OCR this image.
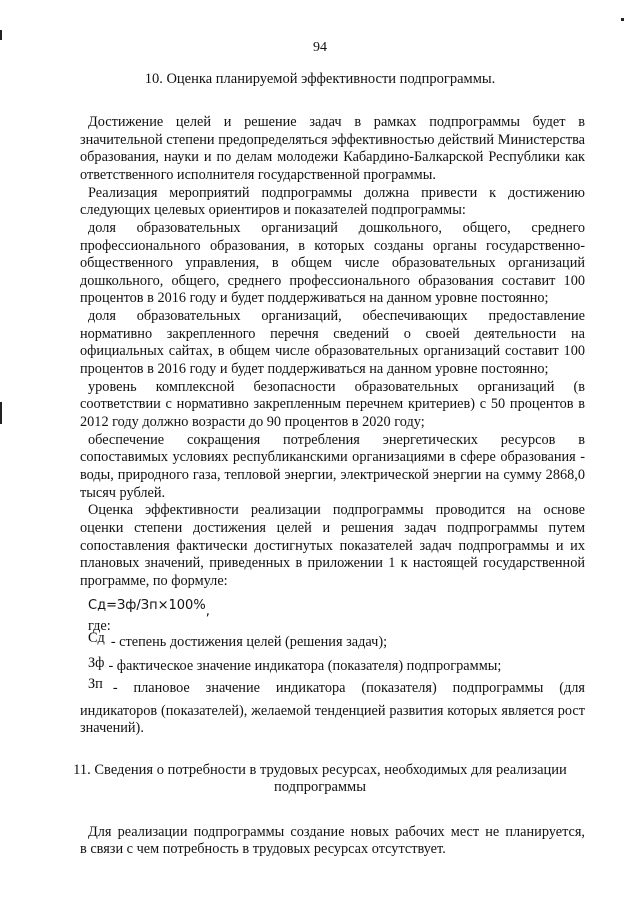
94
10. Оценка планируемой эффективности подпрограммы.
Достижение целей и решение задач в рамках подпрограммы будет в
значительной степени предопределяться эффективностью действий Министерства
образования, науки и по делам молодежи Кабардино-Балкарской Республики как
ответственного исполнителя государственной программы.
Реализация мероприятий подпрограммы должна привести к достижению
следующих целевых ориентиров и показателей подпрограммы:
доля образовательных организаций дошкольного, общего, среднего
профессионального образования, в которых созданы органы государственно-
общественного управления, в общем числе образовательных организаций
дошкольного, общего, среднего профессионального образования составит 100
процентов в 2016 году и будет поддерживаться на данном уровне постоянно;
доля образовательных организаций, обеспечивающих предоставление
нормативно закрепленного перечня сведений о своей деятельности на
официальных сайтах, в общем числе образовательных организаций составит 100
процентов в 2016 году и будет поддерживаться на данном уровне постоянно;
уровень комплексной безопасности образовательных организаций (в
соответствии с нормативно закрепленным перечнем критериев) с 50 процентов в
2012 году должно возрасти до 90 процентов в 2020 году;
обеспечение сокращения потребления энергетических ресурсов в
сопоставимых условиях республиканскими организациями в сфере образования -
воды, природного газа, тепловой энергии, электрической энергии на сумму 2868,0
тысяч рублей.
Оценка эффективности реализации подпрограммы проводится на основе
оценки степени достижения целей и решения задач подпрограммы путем
сопоставления фактически достигнутых показателей задач подпрограммы и их
плановых значений, приведенных в приложении 1 к настоящей государственной
программе, по формуле:
Сд=Зф/Зп×100%,
где:
Сд - степень достижения целей (решения задач);
Зф - фактическое значение индикатора (показателя) подпрограммы;
Зп - плановое значение индикатора (показателя) подпрограммы (для
индикаторов (показателей), желаемой тенденцией развития которых является рост
значений).
11. Сведения о потребности в трудовых ресурсах, необходимых для реализации
подпрограммы
Для реализации подпрограммы создание новых рабочих мест не планируется,
в связи с чем потребность в трудовых ресурсах отсутствует.
